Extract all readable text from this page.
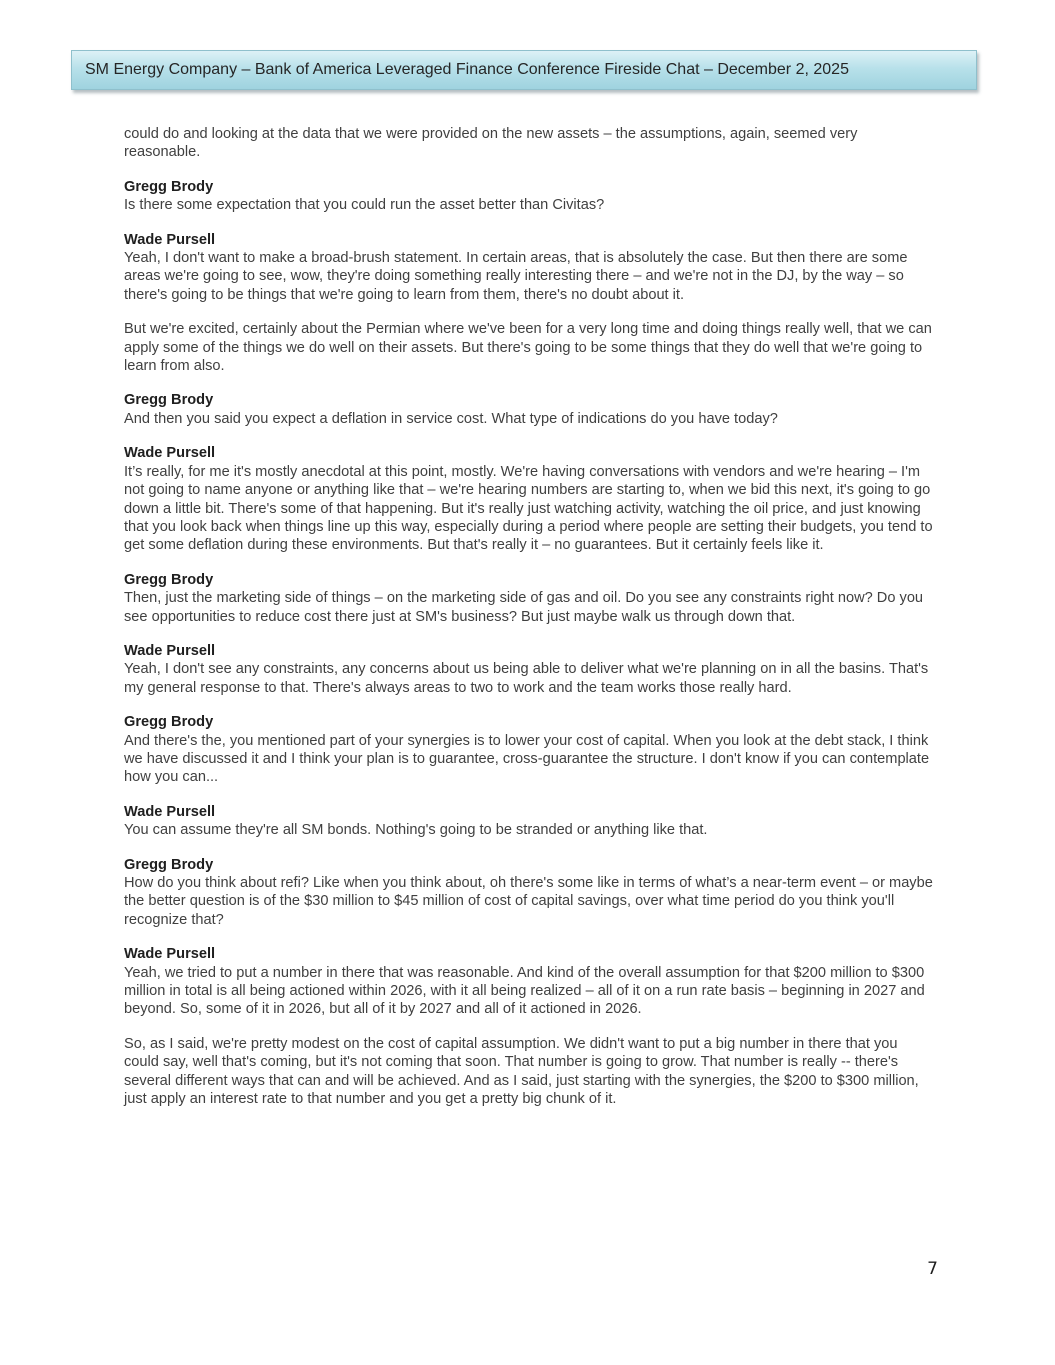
SM Energy Company – Bank of America Leveraged Finance Conference Fireside Chat – December 2, 2025

could do and looking at the data that we were provided on the new assets – the assumptions, again, seemed very reasonable.

Gregg Brody

Is there some expectation that you could run the asset better than Civitas?

Wade Pursell

Yeah, I don't want to make a broad-brush statement. In certain areas, that is absolutely the case. But then there are some areas we're going to see, wow, they're doing something really interesting there – and we're not in the DJ, by the way – so there's going to be things that we're going to learn from them, there's no doubt about it.

But we're excited, certainly about the Permian where we've been for a very long time and doing things really well, that we can apply some of the things we do well on their assets. But there's going to be some things that they do well that we're going to learn from also.

Gregg Brody

And then you said you expect a deflation in service cost. What type of indications do you have today?

Wade Pursell

It’s really, for me it's mostly anecdotal at this point, mostly. We're having conversations with vendors and we're hearing – I'm not going to name anyone or anything like that – we're hearing numbers are starting to, when we bid this next, it's going to go down a little bit. There's some of that happening. But it's really just watching activity, watching the oil price, and just knowing that you look back when things line up this way, especially during a period where people are setting their budgets, you tend to get some deflation during these environments. But that's really it – no guarantees. But it certainly feels like it.

Gregg Brody

Then, just the marketing side of things – on the marketing side of gas and oil. Do you see any constraints right now? Do you see opportunities to reduce cost there just at SM's business? But just maybe walk us through down that.

Wade Pursell

Yeah, I don't see any constraints, any concerns about us being able to deliver what we're planning on in all the basins. That's my general response to that. There's always areas to two to work and the team works those really hard.

Gregg Brody

And there's the, you mentioned part of your synergies is to lower your cost of capital. When you look at the debt stack, I think we have discussed it and I think your plan is to guarantee, cross-guarantee the structure. I don't know if you can contemplate how you can...

Wade Pursell

You can assume they're all SM bonds. Nothing's going to be stranded or anything like that.

Gregg Brody

How do you think about refi? Like when you think about, oh there's some like in terms of what’s a near-term event – or maybe the better question is of the $30 million to $45 million of cost of capital savings, over what time period do you think you'll recognize that?

Wade Pursell

Yeah, we tried to put a number in there that was reasonable. And kind of the overall assumption for that $200 million to $300 million in total is all being actioned within 2026, with it all being realized – all of it on a run rate basis – beginning in 2027 and beyond. So, some of it in 2026, but all of it by 2027 and all of it actioned in 2026.

So, as I said, we're pretty modest on the cost of capital assumption. We didn't want to put a big number in there that you could say, well that's coming, but it's not coming that soon. That number is going to grow. That number is really -- there's several different ways that can and will be achieved. And as I said, just starting with the synergies, the $200 to $300 million, just apply an interest rate to that number and you get a pretty big chunk of it.

7
